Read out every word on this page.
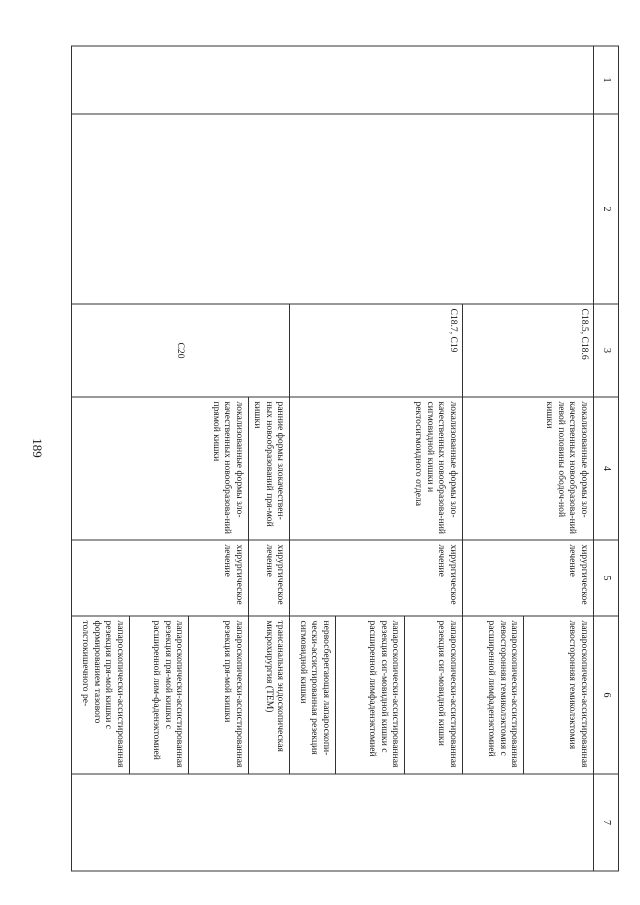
189
1	2	3	4	5	6	7
		C18.5, C18.6	локализованные формы зло-качественных новообразова-ний левой половины ободоч-ной кишки	хирургическое лечение	лапароскопически-ассистированная левосторонняя гемиколэктомия	
					лапароскопически-ассистированная левосторонняя гемиколэктомия с расширенной лимфаденэктомией	
		C18.7, C19	локализованные формы зло-качественных новообразова-ний сигмовидной кишки и ректосигмоидного отдела	хирургическое лечение	лапароскопически-ассистированная резекция сиг-мовидной кишки	
					лапароскопически-ассистированная резекция сиг-мовидной кишки с расширенной лимфаденэктомией	
					нервосберегающая лапароскопи-чески-ассистированная резекция сигмовидной кишки	
		C20	ранние формы злокачествен-ных новообразований пря-мой кишки	хирургическое лечение	трансанальная эндоскопическая микрохирургия (ТЕМ)	
			локализованные формы зло-качественных новообразова-ний прямой кишки	хирургическое лечение	лапароскопически-ассистированная резекция пря-мой кишки	
					лапароскопически-ассистированная резекция пря-мой кишки с расширенной лим-фаденэктомией	
					лапароскопически-ассистированная резекция пря-мой кишки с формированием тазового толстокишечного ре-	
